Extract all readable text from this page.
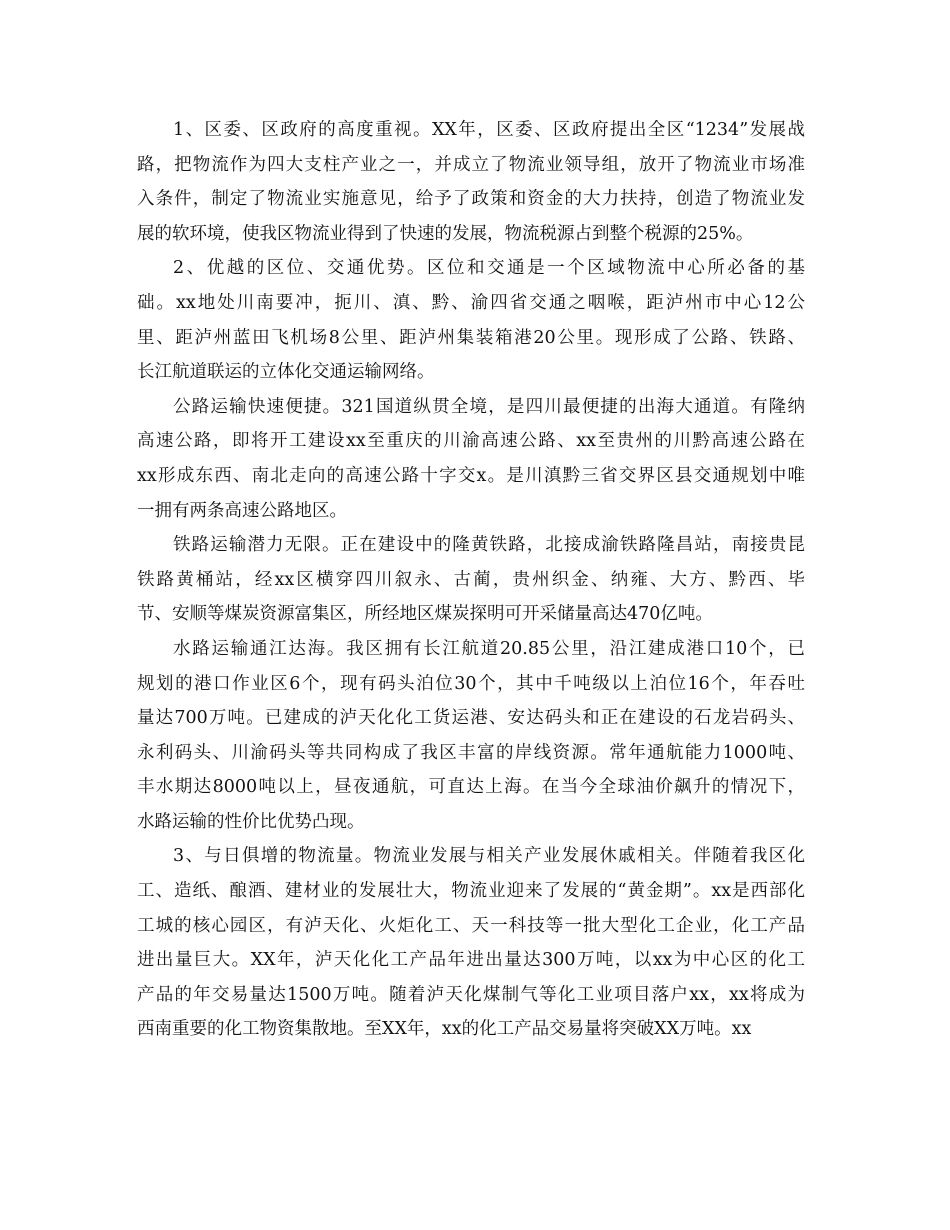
1、区委、区政府的高度重视。XX年，区委、区政府提出全区“1234”发展战
路，把物流作为四大支柱产业之一，并成立了物流业领导组，放开了物流业市场准
入条件，制定了物流业实施意见，给予了政策和资金的大力扶持，创造了物流业发
展的软环境，使我区物流业得到了快速的发展，物流税源占到整个税源的25%。
2、优越的区位、交通优势。区位和交通是一个区域物流中心所必备的基
础。xx地处川南要冲，扼川、滇、黔、渝四省交通之咽喉，距泸州市中心12公
里、距泸州蓝田飞机场8公里、距泸州集装箱港20公里。现形成了公路、铁路、
长江航道联运的立体化交通运输网络。
公路运输快速便捷。321国道纵贯全境，是四川最便捷的出海大通道。有隆纳
高速公路，即将开工建设xx至重庆的川渝高速公路、xx至贵州的川黔高速公路在
xx形成东西、南北走向的高速公路十字交x。是川滇黔三省交界区县交通规划中唯
一拥有两条高速公路地区。
铁路运输潜力无限。正在建设中的隆黄铁路，北接成渝铁路隆昌站，南接贵昆
铁路黄桶站，经xx区横穿四川叙永、古蔺，贵州织金、纳雍、大方、黔西、毕
节、安顺等煤炭资源富集区，所经地区煤炭探明可开采储量高达470亿吨。
水路运输通江达海。我区拥有长江航道20.85公里，沿江建成港口10个，已
规划的港口作业区6个，现有码头泊位30个，其中千吨级以上泊位16个，年吞吐
量达700万吨。已建成的泸天化化工货运港、安达码头和正在建设的石龙岩码头、
永利码头、川渝码头等共同构成了我区丰富的岸线资源。常年通航能力1000吨、
丰水期达8000吨以上，昼夜通航，可直达上海。在当今全球油价飙升的情况下，
水路运输的性价比优势凸现。
3、与日俱增的物流量。物流业发展与相关产业发展休戚相关。伴随着我区化
工、造纸、酿酒、建材业的发展壮大，物流业迎来了发展的“黄金期”。xx是西部化
工城的核心园区，有泸天化、火炬化工、天一科技等一批大型化工企业，化工产品
进出量巨大。XX年，泸天化化工产品年进出量达300万吨，以xx为中心区的化工
产品的年交易量达1500万吨。随着泸天化煤制气等化工业项目落户xx，xx将成为
西南重要的化工物资集散地。至XX年，xx的化工产品交易量将突破XX万吨。xx
